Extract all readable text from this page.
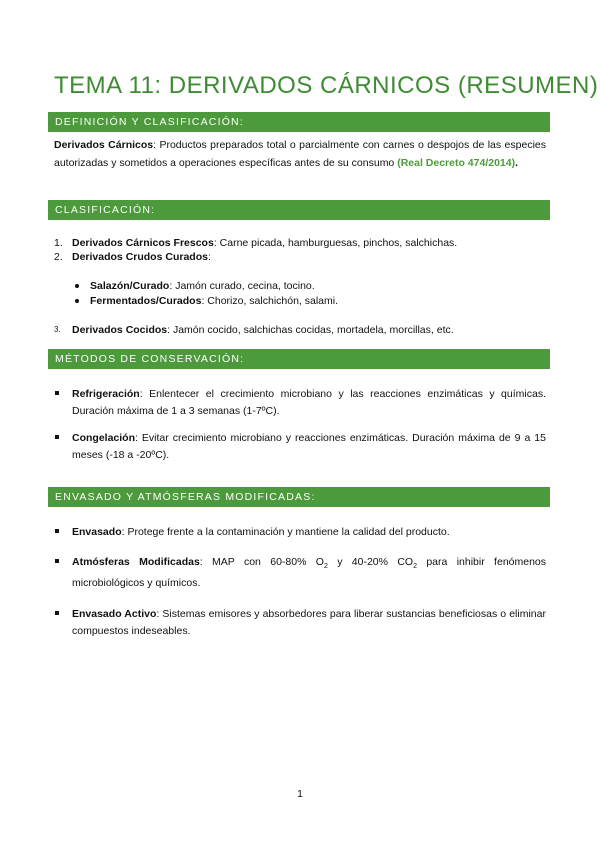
TEMA 11: DERIVADOS CÁRNICOS (RESUMEN)
DEFINICIÓN Y CLASIFICACIÓN:
Derivados Cárnicos: Productos preparados total o parcialmente con carnes o despojos de las especies autorizadas y sometidos a operaciones específicas antes de su consumo (Real Decreto 474/2014).
CLASIFICACIÓN:
1. Derivados Cárnicos Frescos: Carne picada, hamburguesas, pinchos, salchichas.
2. Derivados Crudos Curados:
Salazón/Curado: Jamón curado, cecina, tocino.
Fermentados/Curados: Chorizo, salchichón, salami.
3. Derivados Cocidos: Jamón cocido, salchichas cocidas, mortadela, morcillas, etc.
MÉTODOS DE CONSERVACIÓN:
Refrigeración: Enlentecer el crecimiento microbiano y las reacciones enzimáticas y químicas. Duración máxima de 1 a 3 semanas (1-7ºC).
Congelación: Evitar crecimiento microbiano y reacciones enzimáticas. Duración máxima de 9 a 15 meses (-18 a -20ºC).
ENVASADO Y ATMÓSFERAS MODIFICADAS:
Envasado: Protege frente a la contaminación y mantiene la calidad del producto.
Atmósferas Modificadas: MAP con 60-80% $O_2$ y 40-20% $CO_2$ para inhibir fenómenos microbiológicos y químicos.
Envasado Activo: Sistemas emisores y absorbedores para liberar sustancias beneficiosas o eliminar compuestos indeseables.
1
